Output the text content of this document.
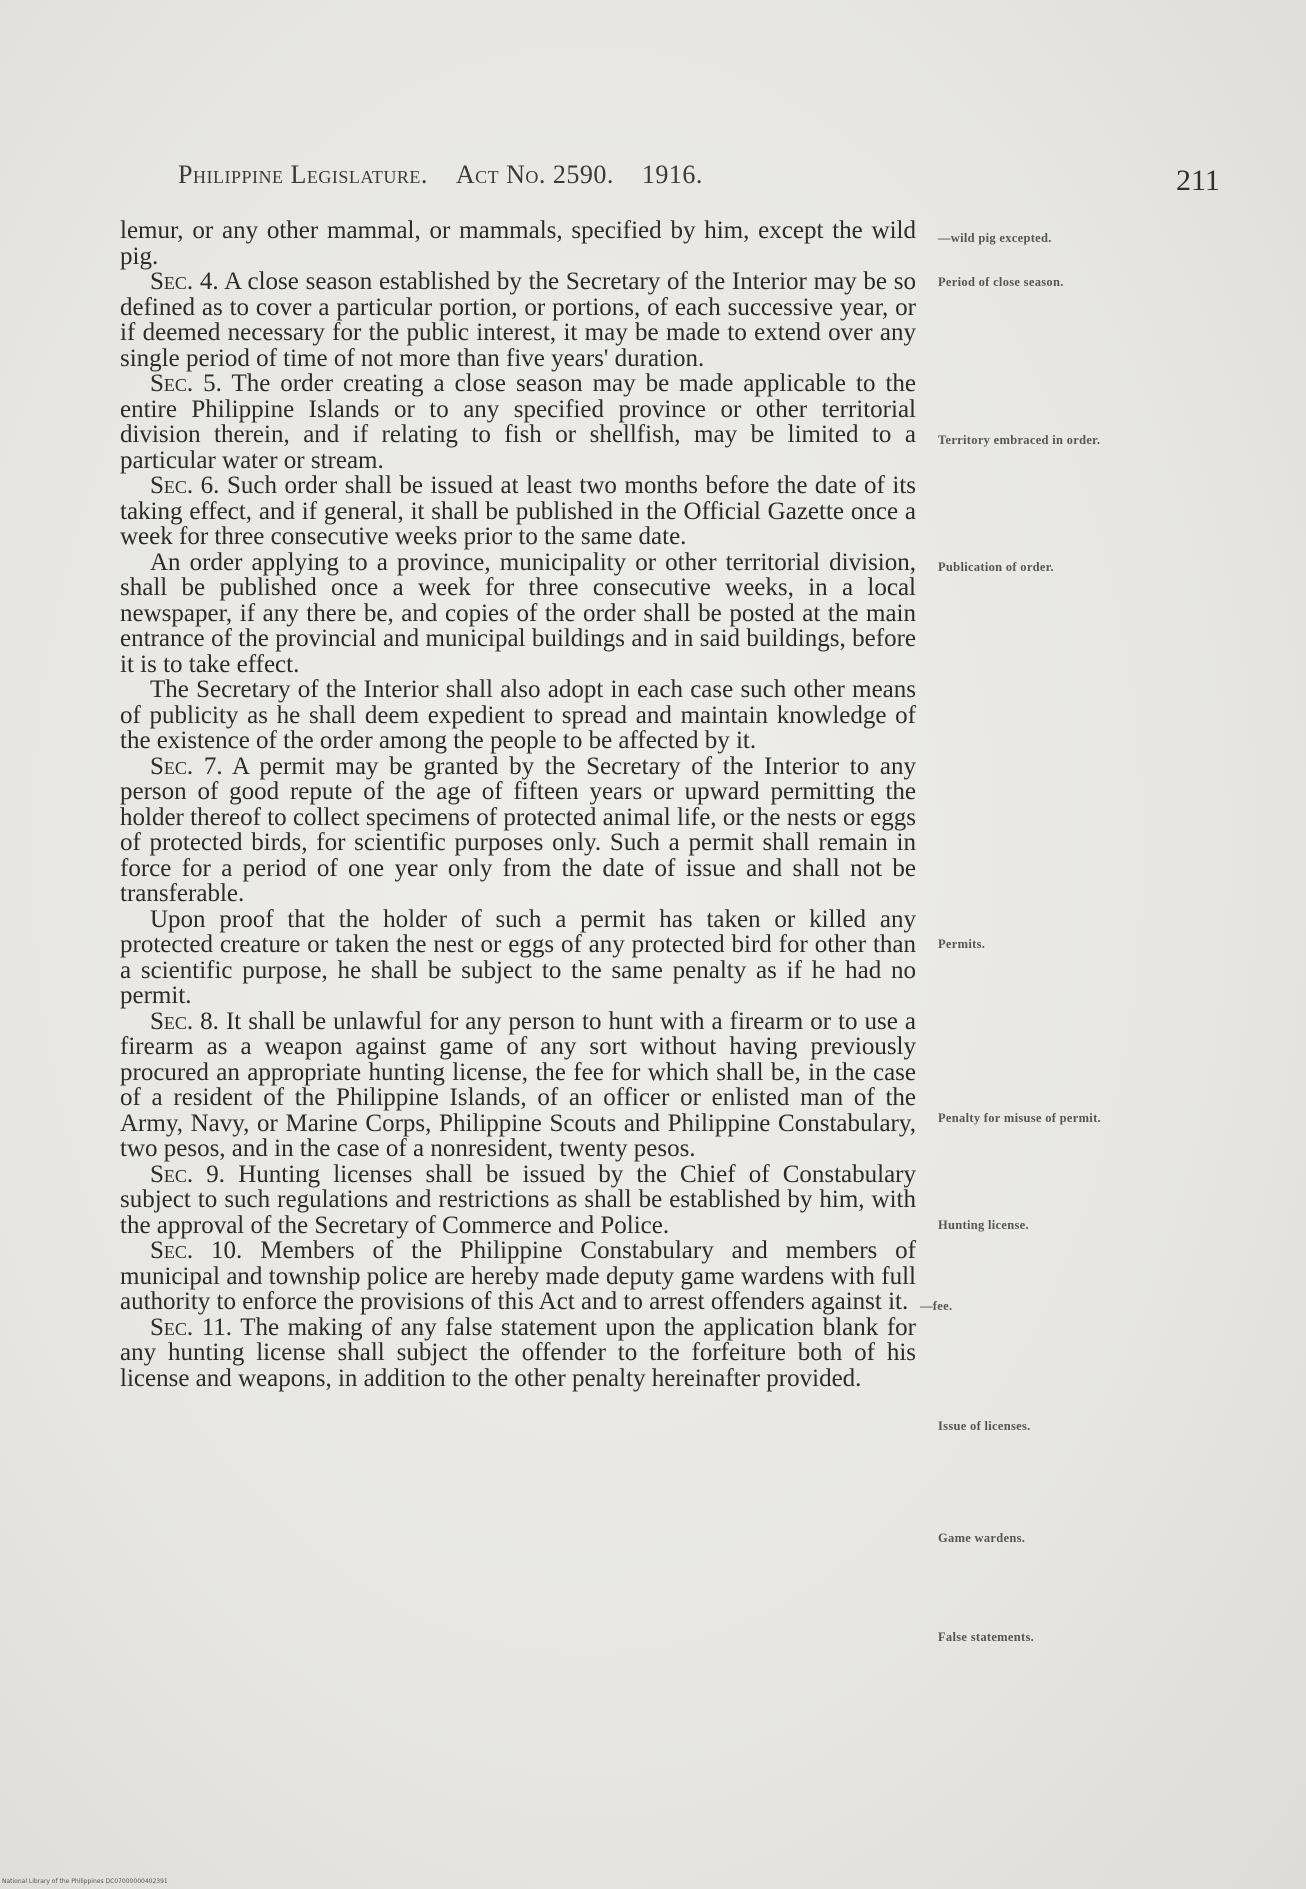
Philippine Legislature. Act No. 2590. 1916.	211

lemur, or any other mammal, or mammals, specified by him, except the wild pig.

—wild pig excepted.

Sec. 4. A close season established by the Secretary of the Interior may be so defined as to cover a particular portion, or portions, of each successive year, or if deemed necessary for the public interest, it may be made to extend over any single period of time of not more than five years' duration.

Period of close season.

Sec. 5. The order creating a close season may be made applicable to the entire Philippine Islands or to any specified province or other territorial division therein, and if relating to fish or shellfish, may be limited to a particular water or stream.

Territory embraced in order.

Sec. 6. Such order shall be issued at least two months before the date of its taking effect, and if general, it shall be published in the Official Gazette once a week for three consecutive weeks prior to the same date.

Publication of order.

An order applying to a province, municipality or other territorial division, shall be published once a week for three consecutive weeks, in a local newspaper, if any there be, and copies of the order shall be posted at the main entrance of the provincial and municipal buildings and in said buildings, before it is to take effect.

The Secretary of the Interior shall also adopt in each case such other means of publicity as he shall deem expedient to spread and maintain knowledge of the existence of the order among the people to be affected by it.

Sec. 7. A permit may be granted by the Secretary of the Interior to any person of good repute of the age of fifteen years or upward permitting the holder thereof to collect specimens of protected animal life, or the nests or eggs of protected birds, for scientific purposes only. Such a permit shall remain in force for a period of one year only from the date of issue and shall not be transferable.

Permits.

Upon proof that the holder of such a permit has taken or killed any protected creature or taken the nest or eggs of any protected bird for other than a scientific purpose, he shall be subject to the same penalty as if he had no permit.

Penalty for misuse of permit.

Sec. 8. It shall be unlawful for any person to hunt with a firearm or to use a firearm as a weapon against game of any sort without having previously procured an appropriate hunting license, the fee for which shall be, in the case of a resident of the Philippine Islands, of an officer or enlisted man of the Army, Navy, or Marine Corps, Philippine Scouts and Philippine Constabulary, two pesos, and in the case of a nonresident, twenty pesos.

Hunting license.
—fee.

Sec. 9. Hunting licenses shall be issued by the Chief of Constabulary subject to such regulations and restrictions as shall be established by him, with the approval of the Secretary of Commerce and Police.

Issue of licenses.

Sec. 10. Members of the Philippine Constabulary and members of municipal and township police are hereby made deputy game wardens with full authority to enforce the provisions of this Act and to arrest offenders against it.

Game wardens.

Sec. 11. The making of any false statement upon the application blank for any hunting license shall subject the offender to the forfeiture both of his license and weapons, in addition to the other penalty hereinafter provided.

False statements.
National Library of the Philippines DC07000000402391
